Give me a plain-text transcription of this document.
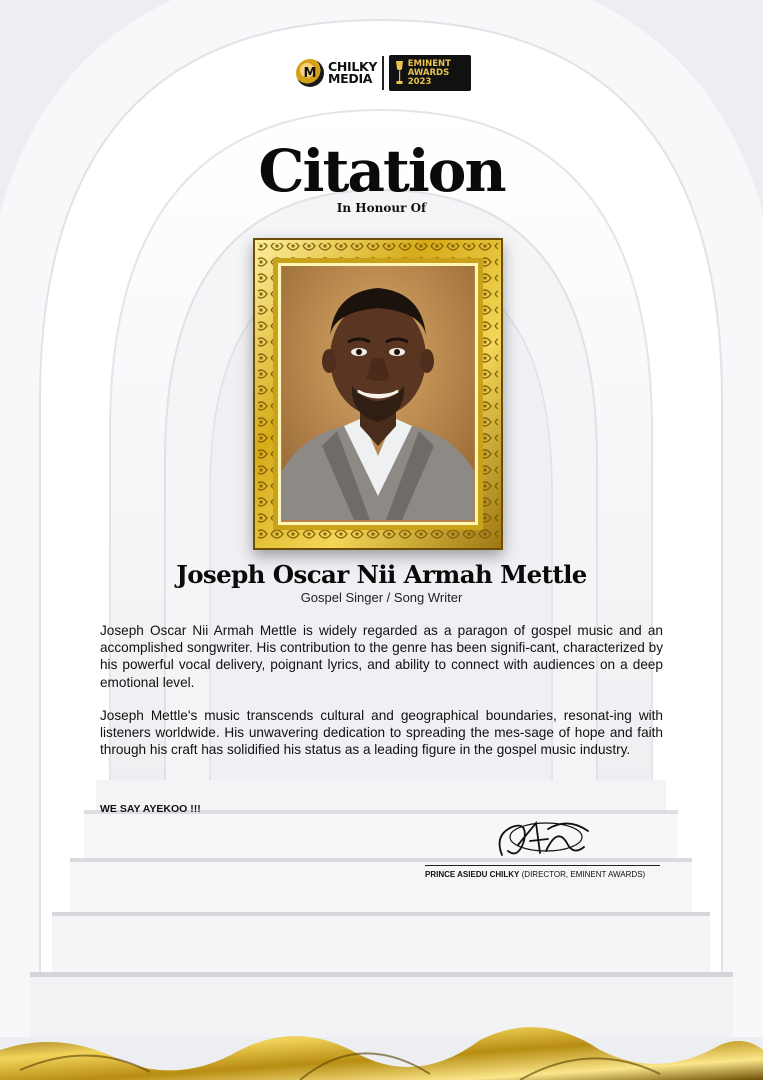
M CHILKY
MEDIA
EMINENT
AWARDS
2023
Citation
In Honour Of
Joseph Oscar Nii Armah Mettle
Gospel Singer / Song Writer
Joseph Oscar Nii Armah Mettle is widely regarded as a paragon of gospel music and an accomplished songwriter. His contribution to the genre has been signifi-cant, characterized by his powerful vocal delivery, poignant lyrics, and ability to connect with audiences on a deep emotional level.
Joseph Mettle's music transcends cultural and geographical boundaries, resonat-ing with listeners worldwide. His unwavering dedication to spreading the mes-sage of hope and faith through his craft has solidified his status as a leading figure in the gospel music industry.
WE SAY AYEKOO !!!
PRINCE ASIEDU CHILKY (DIRECTOR, EMINENT AWARDS)
